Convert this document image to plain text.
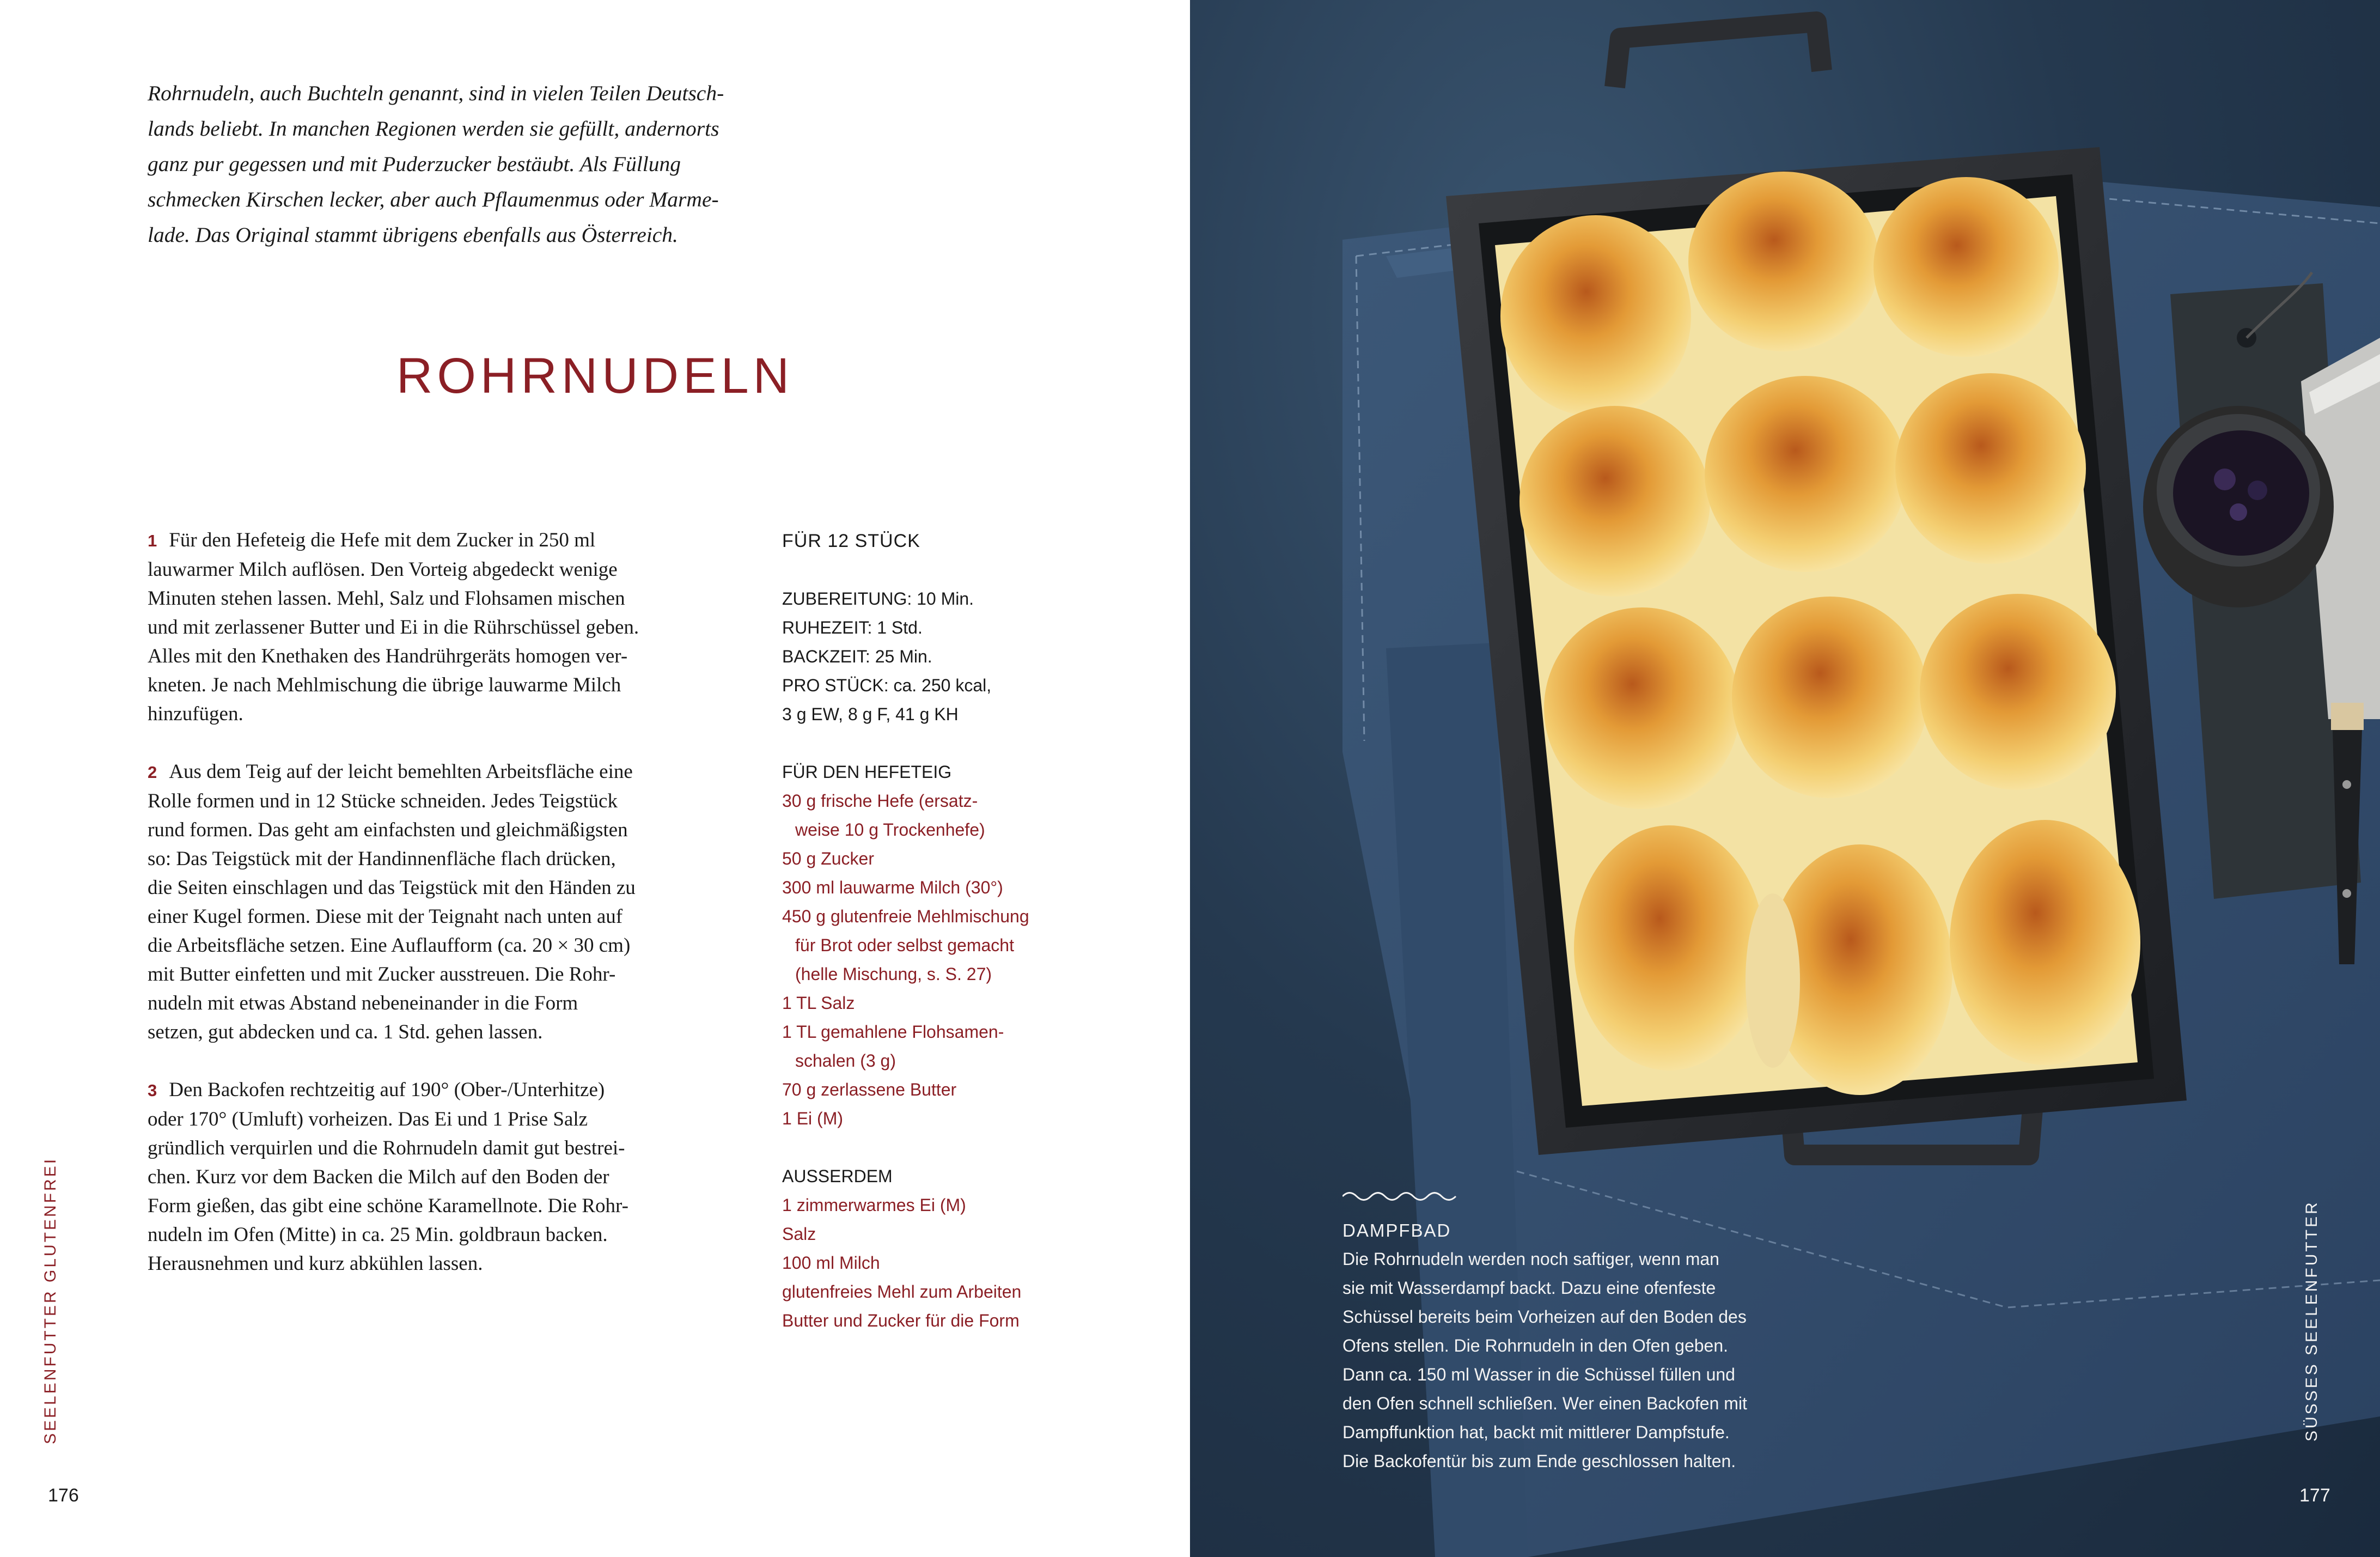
Rohrnudeln, auch Buchteln genannt, sind in vielen Teilen Deutsch-
lands beliebt. In manchen Regionen werden sie gefüllt, andernorts
ganz pur gegessen und mit Puderzucker bestäubt. Als Füllung
schmecken Kirschen lecker, aber auch Pflaumenmus oder Marme-
lade. Das Original stammt übrigens ebenfalls aus Österreich.

ROHRNUDELN

1 Für den Hefeteig die Hefe mit dem Zucker in 250 ml
lauwarmer Milch auflösen. Den Vorteig abgedeckt wenige
Minuten stehen lassen. Mehl, Salz und Flohsamen mischen
und mit zerlassener Butter und Ei in die Rührschüssel geben.
Alles mit den Knethaken des Handrührgeräts homogen ver-
kneten. Je nach Mehlmischung die übrige lauwarme Milch
hinzufügen.

2 Aus dem Teig auf der leicht bemehlten Arbeitsfläche eine
Rolle formen und in 12 Stücke schneiden. Jedes Teigstück
rund formen. Das geht am einfachsten und gleichmäßigsten
so: Das Teigstück mit der Handinnenfläche flach drücken,
die Seiten einschlagen und das Teigstück mit den Händen zu
einer Kugel formen. Diese mit der Teignaht nach unten auf
die Arbeitsfläche setzen. Eine Auflaufform (ca. 20 × 30 cm)
mit Butter einfetten und mit Zucker ausstreuen. Die Rohr-
nudeln mit etwas Abstand nebeneinander in die Form
setzen, gut abdecken und ca. 1 Std. gehen lassen.

3 Den Backofen rechtzeitig auf 190° (Ober-/Unterhitze)
oder 170° (Umluft) vorheizen. Das Ei und 1 Prise Salz
gründlich verquirlen und die Rohrnudeln damit gut bestrei-
chen. Kurz vor dem Backen die Milch auf den Boden der
Form gießen, das gibt eine schöne Karamellnote. Die Rohr-
nudeln im Ofen (Mitte) in ca. 25 Min. goldbraun backen.
Herausnehmen und kurz abkühlen lassen.

FÜR 12 STÜCK

ZUBEREITUNG: 10 Min.
RUHEZEIT: 1 Std.
BACKZEIT: 25 Min.
PRO STÜCK: ca. 250 kcal,
3 g EW, 8 g F, 41 g KH

FÜR DEN HEFETEIG

30 g frische Hefe (ersatz-
weise 10 g Trockenhefe)
50 g Zucker
300 ml lauwarme Milch (30°)
450 g glutenfreie Mehlmischung
für Brot oder selbst gemacht
(helle Mischung, s. S. 27)
1 TL Salz
1 TL gemahlene Flohsamen-
schalen (3 g)
70 g zerlassene Butter
1 Ei (M)

AUSSERDEM

1 zimmerwarmes Ei (M)
Salz
100 ml Milch
glutenfreies Mehl zum Arbeiten
Butter und Zucker für die Form
SEELENFUTTER GLUTENFREI
176
DAMPFBAD
Die Rohrnudeln werden noch saftiger, wenn man
sie mit Wasserdampf backt. Dazu eine ofenfeste
Schüssel bereits beim Vorheizen auf den Boden des
Ofens stellen. Die Rohrnudeln in den Ofen geben.
Dann ca. 150 ml Wasser in die Schüssel füllen und
den Ofen schnell schließen. Wer einen Backofen mit
Dampffunktion hat, backt mit mittlerer Dampfstufe.
Die Backofentür bis zum Ende geschlossen halten.
SÜSSES SEELENFUTTER
177
